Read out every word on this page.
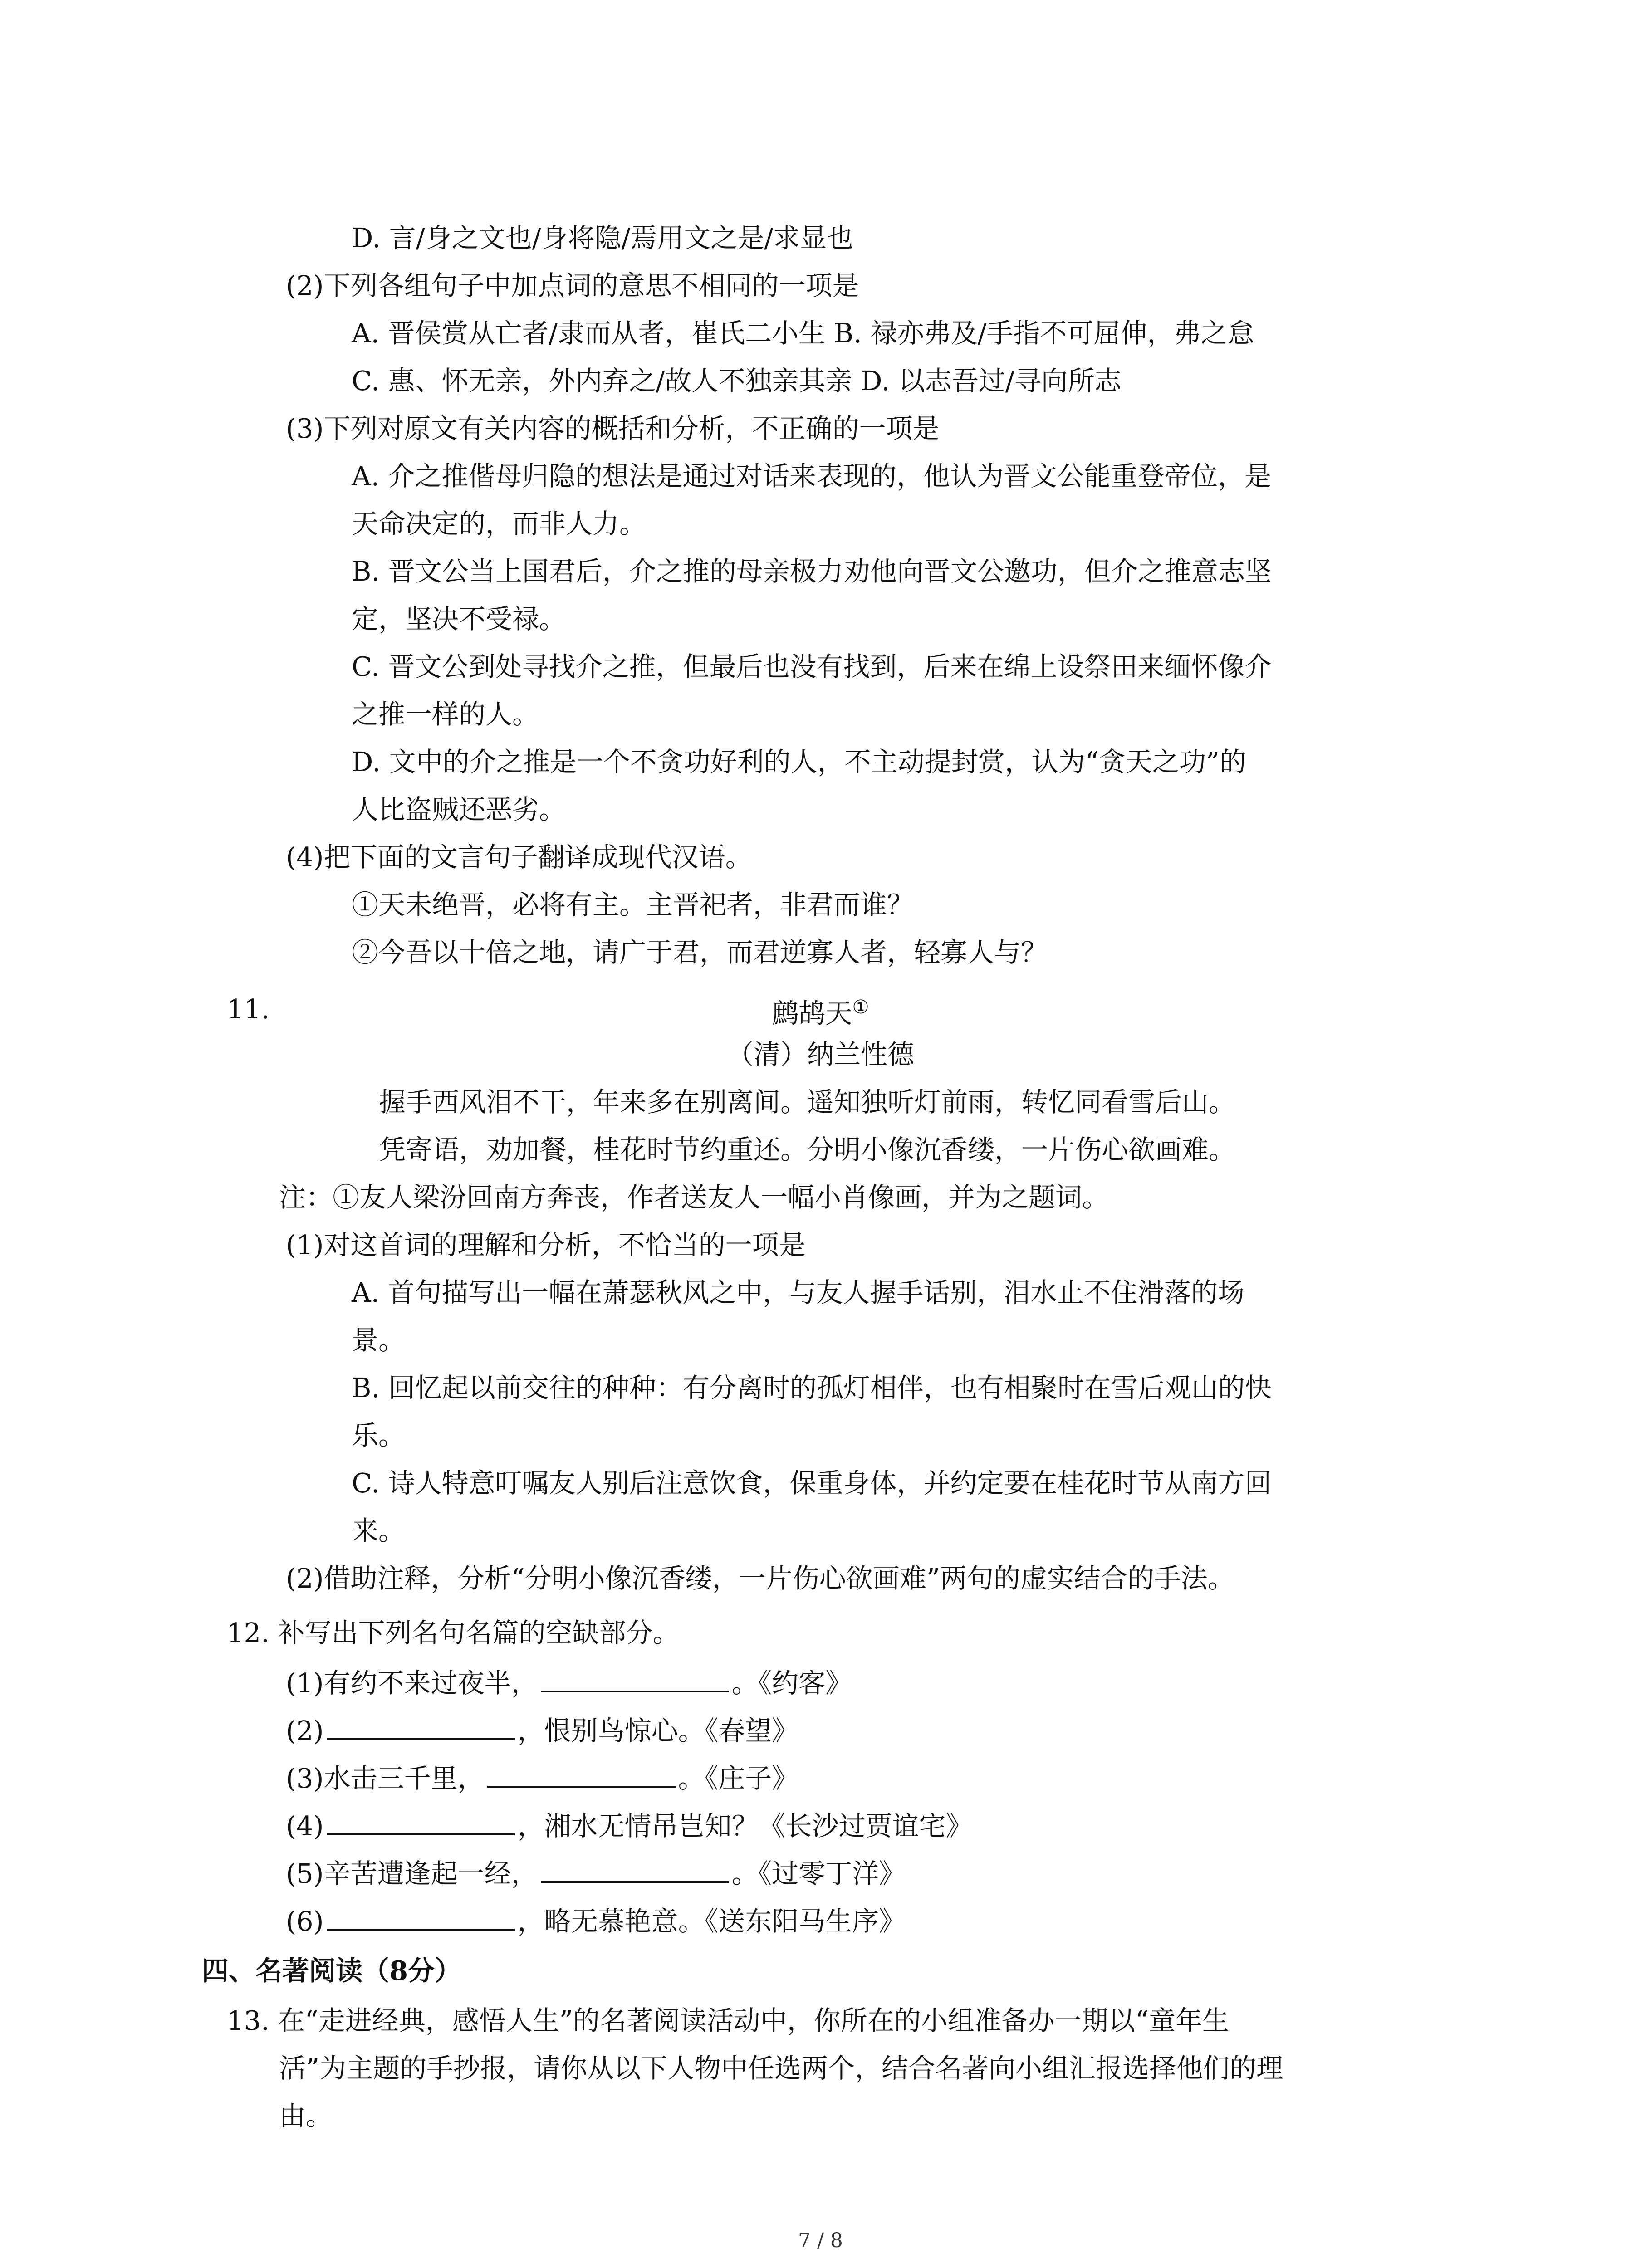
D. 言/身之文也/身将隐/焉用文之是/求显也
(2)下列各组句子中加点词的意思不相同的一项是
A. 晋侯赏从亡者/隶而从者，崔氏二小生 B. 禄亦弗及/手指不可屈伸，弗之怠
C. 惠、怀无亲，外内弃之/故人不独亲其亲 D. 以志吾过/寻向所志
(3)下列对原文有关内容的概括和分析，不正确的一项是
A. 介之推偕母归隐的想法是通过对话来表现的，他认为晋文公能重登帝位，是
天命决定的，而非人力。
B. 晋文公当上国君后，介之推的母亲极力劝他向晋文公邀功，但介之推意志坚
定，坚决不受禄。
C. 晋文公到处寻找介之推，但最后也没有找到，后来在绵上设祭田来缅怀像介
之推一样的人。
D. 文中的介之推是一个不贪功好利的人，不主动提封赏，认为“贪天之功”的
人比盗贼还恶劣。
(4)把下面的文言句子翻译成现代汉语。
①天未绝晋，必将有主。主晋祀者，非君而谁？
②今吾以十倍之地，请广于君，而君逆寡人者，轻寡人与？
11.	鹧鸪天①
（清）纳兰性德
握手西风泪不干，年来多在别离间。遥知独听灯前雨，转忆同看雪后山。
凭寄语，劝加餐，桂花时节约重还。分明小像沉香缕，一片伤心欲画难。
注：①友人梁汾回南方奔丧，作者送友人一幅小肖像画，并为之题词。
(1)对这首词的理解和分析，不恰当的一项是
A. 首句描写出一幅在萧瑟秋风之中，与友人握手话别，泪水止不住滑落的场
景。
B. 回忆起以前交往的种种：有分离时的孤灯相伴，也有相聚时在雪后观山的快
乐。
C. 诗人特意叮嘱友人别后注意饮食，保重身体，并约定要在桂花时节从南方回
来。
(2)借助注释，分析“分明小像沉香缕，一片伤心欲画难”两句的虚实结合的手法。
12. 补写出下列名句名篇的空缺部分。
(1)有约不来过夜半，	。《约客》
(2)	，恨别鸟惊心。《春望》
(3)水击三千里，	。《庄子》
(4)	，湘水无情吊岂知？《长沙过贾谊宅》
(5)辛苦遭逢起一经，	。《过零丁洋》
(6)	，略无慕艳意。《送东阳马生序》
四、名著阅读（8分）
13. 在“走进经典，感悟人生”的名著阅读活动中，你所在的小组准备办一期以“童年生
活”为主题的手抄报，请你从以下人物中任选两个，结合名著向小组汇报选择他们的理
由。
7 / 8
